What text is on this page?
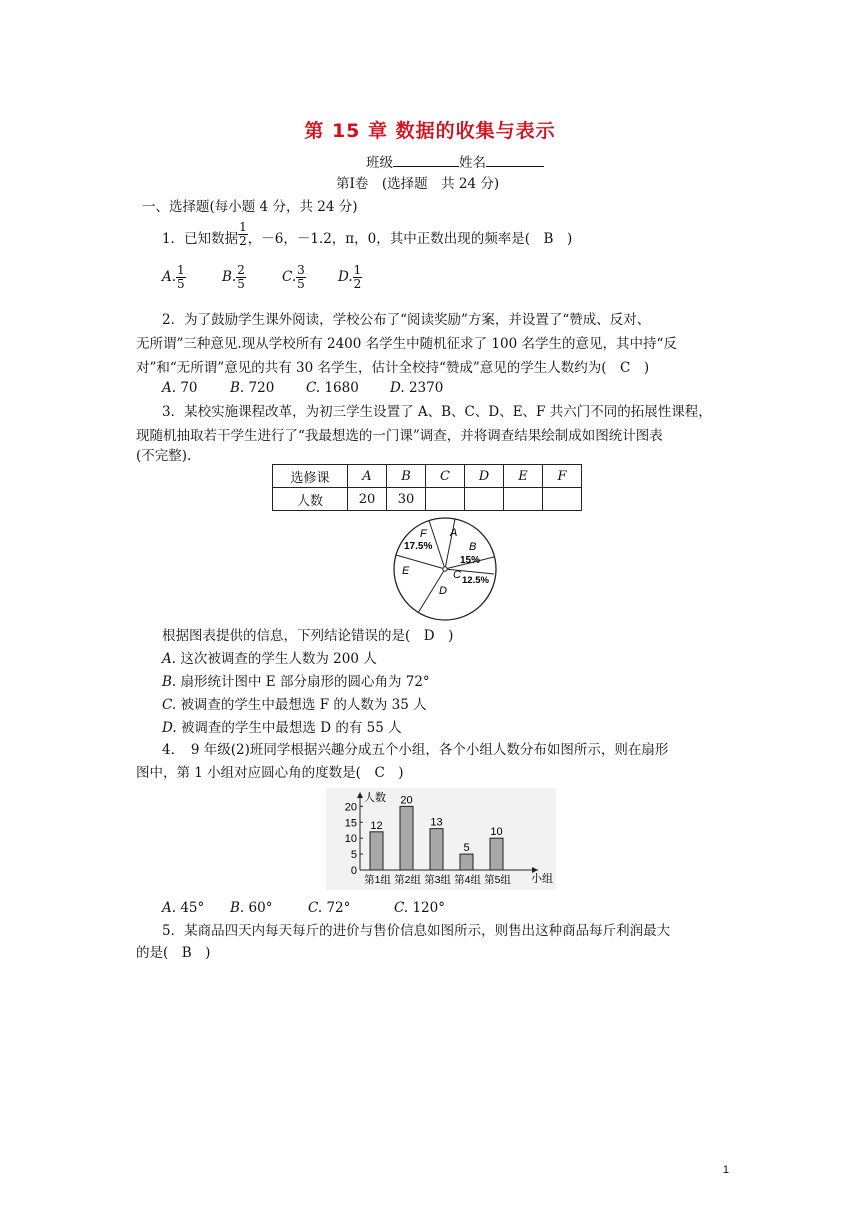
第 15 章 数据的收集与表示
班级	姓名
第Ⅰ卷　(选择题　共 24 分)
一、选择题(每小题 4 分，共 24 分)
1．已知数据 $\frac{1}{2}$ ，－6，－1.2，π，0，其中正数出现的频率是(　B　)
A. $\frac{1}{5}$	B. $\frac{2}{5}$	C. $\frac{3}{5} D$. $\frac{1}{2}$
2．为了鼓励学生课外阅读，学校公布了“阅读奖励”方案，并设置了“赞成、反对、
无所谓”三种意见.现从学校所有 2400 名学生中随机征求了 100 名学生的意见，其中持“反
对”和“无所谓”意见的共有 30 名学生，估计全校持“赞成”意见的学生人数约为(　C　)
A. 70 B. 720 C. 1680 D. 2370
3．某校实施课程改革，为初三学生设置了 A、B、C、D、E、F 共六门不同的拓展性课程，
现随机抽取若干学生进行了“我最想选的一门课”调查，并将调查结果绘制成如图统计图表
(不完整).
选修课	A	B	C	D	E	F
人数	20	30				
A
B
15%
C 12.5%
D
E
F
17.5%
根据图表提供的信息，下列结论错误的是(　D　)
A. 这次被调查的学生人数为 200 人
B. 扇形统计图中 E 部分扇形的圆心角为 72°
C. 被调查的学生中最想选 F 的人数为 35 人
D. 被调查的学生中最想选 D 的有 55 人
4．　9 年级(2)班同学根据兴趣分成五个小组，各个小组人数分布如图所示，则在扇形
图中，第 1 小组对应圆心角的度数是(　C　)
0
5
10
15
20
12
第1组
20
第2组
13
第3组
5
第4组
10
第5组
人数
小组
A. 45° B. 60°	C. 72°	C. 120°
5．某商品四天内每天每斤的进价与售价信息如图所示，则售出这种商品每斤利润最大
的是(　B　)
1
